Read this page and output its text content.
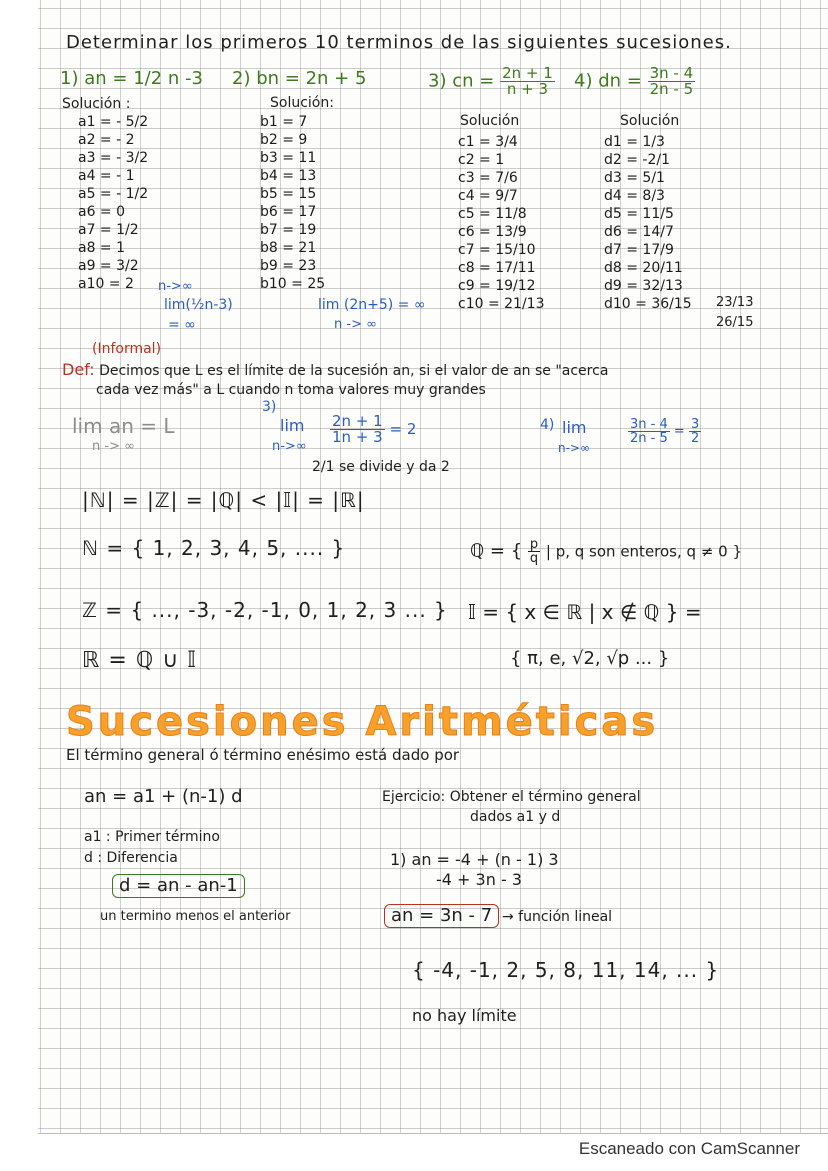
Determinar los primeros 10 terminos de las siguientes sucesiones.
1) an = 1/2 n -3
Solución :
a1 = - 5/2
a2 = - 2
a3 = - 3/2
a4 = - 1
a5 = - 1/2
a6 = 0
a7 = 1/2
a8 = 1
a9 = 3/2
a10 = 2	n->∞
lim(½n-3)
= ∞
2) bn = 2n + 5
Solución:
b1 = 7
b2 = 9
b3 = 11
b4 = 13
b5 = 15
b6 = 17
b7 = 19
b8 = 21
b9 = 23
b10 = 25
lim (2n+5) = ∞
n -> ∞
3) cn = $\frac{2n + 1}{n + 3}$
Solución
c1 = 3/4
c2 = 1
c3 = 7/6
c4 = 9/7
c5 = 11/8
c6 = 13/9
c7 = 15/10
c8 = 17/11
c9 = 19/12
c10 = 21/13
4) dn = $\frac{3n - 4}{2n - 5}$
Solución
d1 = 1/3
d2 = -2/1
d3 = 5/1
d4 = 8/3
d5 = 11/5
d6 = 14/7
d7 = 17/9
d8 = 20/11
d9 = 32/13
d10 = 36/15 23/13
26/15
(Informal)
Def: Decimos que L es el límite de la sucesión an, si el valor de an se "acerca
cada vez más" a L cuando n toma valores muy grandes
lim an = L
n -> ∞
3)
lim
n->∞
$\frac{2n + 1}{1n + 3} = 2$
2/1 se divide y da 2
4) lim
n->∞
$\frac{3n - 4}{2n - 5} = \frac{3}{2}$
|ℕ| = |ℤ| = |ℚ| < |𝕀| = |ℝ|
ℕ = { 1, 2, 3, 4, 5, .... }
ℤ = { ..., -3, -2, -1, 0, 1, 2, 3 ... }
ℝ = ℚ ∪ 𝕀
ℚ = { $\frac{p}{q}$ | p, q son enteros, q ≠ 0 }
𝕀 = { x ∈ ℝ | x ∉ ℚ } =
{ π, e, √2, √p ... }
Sucesiones Aritméticas
El término general ó término enésimo está dado por
an = a1 + (n-1) d
a1 : Primer término
d : Diferencia
d = an - an-1
un termino menos el anterior
Ejercicio: Obtener el término general
dados a1 y d
1) an = -4 + (n - 1) 3
-4 + 3n - 3
an = 3n - 7 → función lineal
{ -4, -1, 2, 5, 8, 11, 14, ... }
no hay límite
Escaneado con CamScanner
